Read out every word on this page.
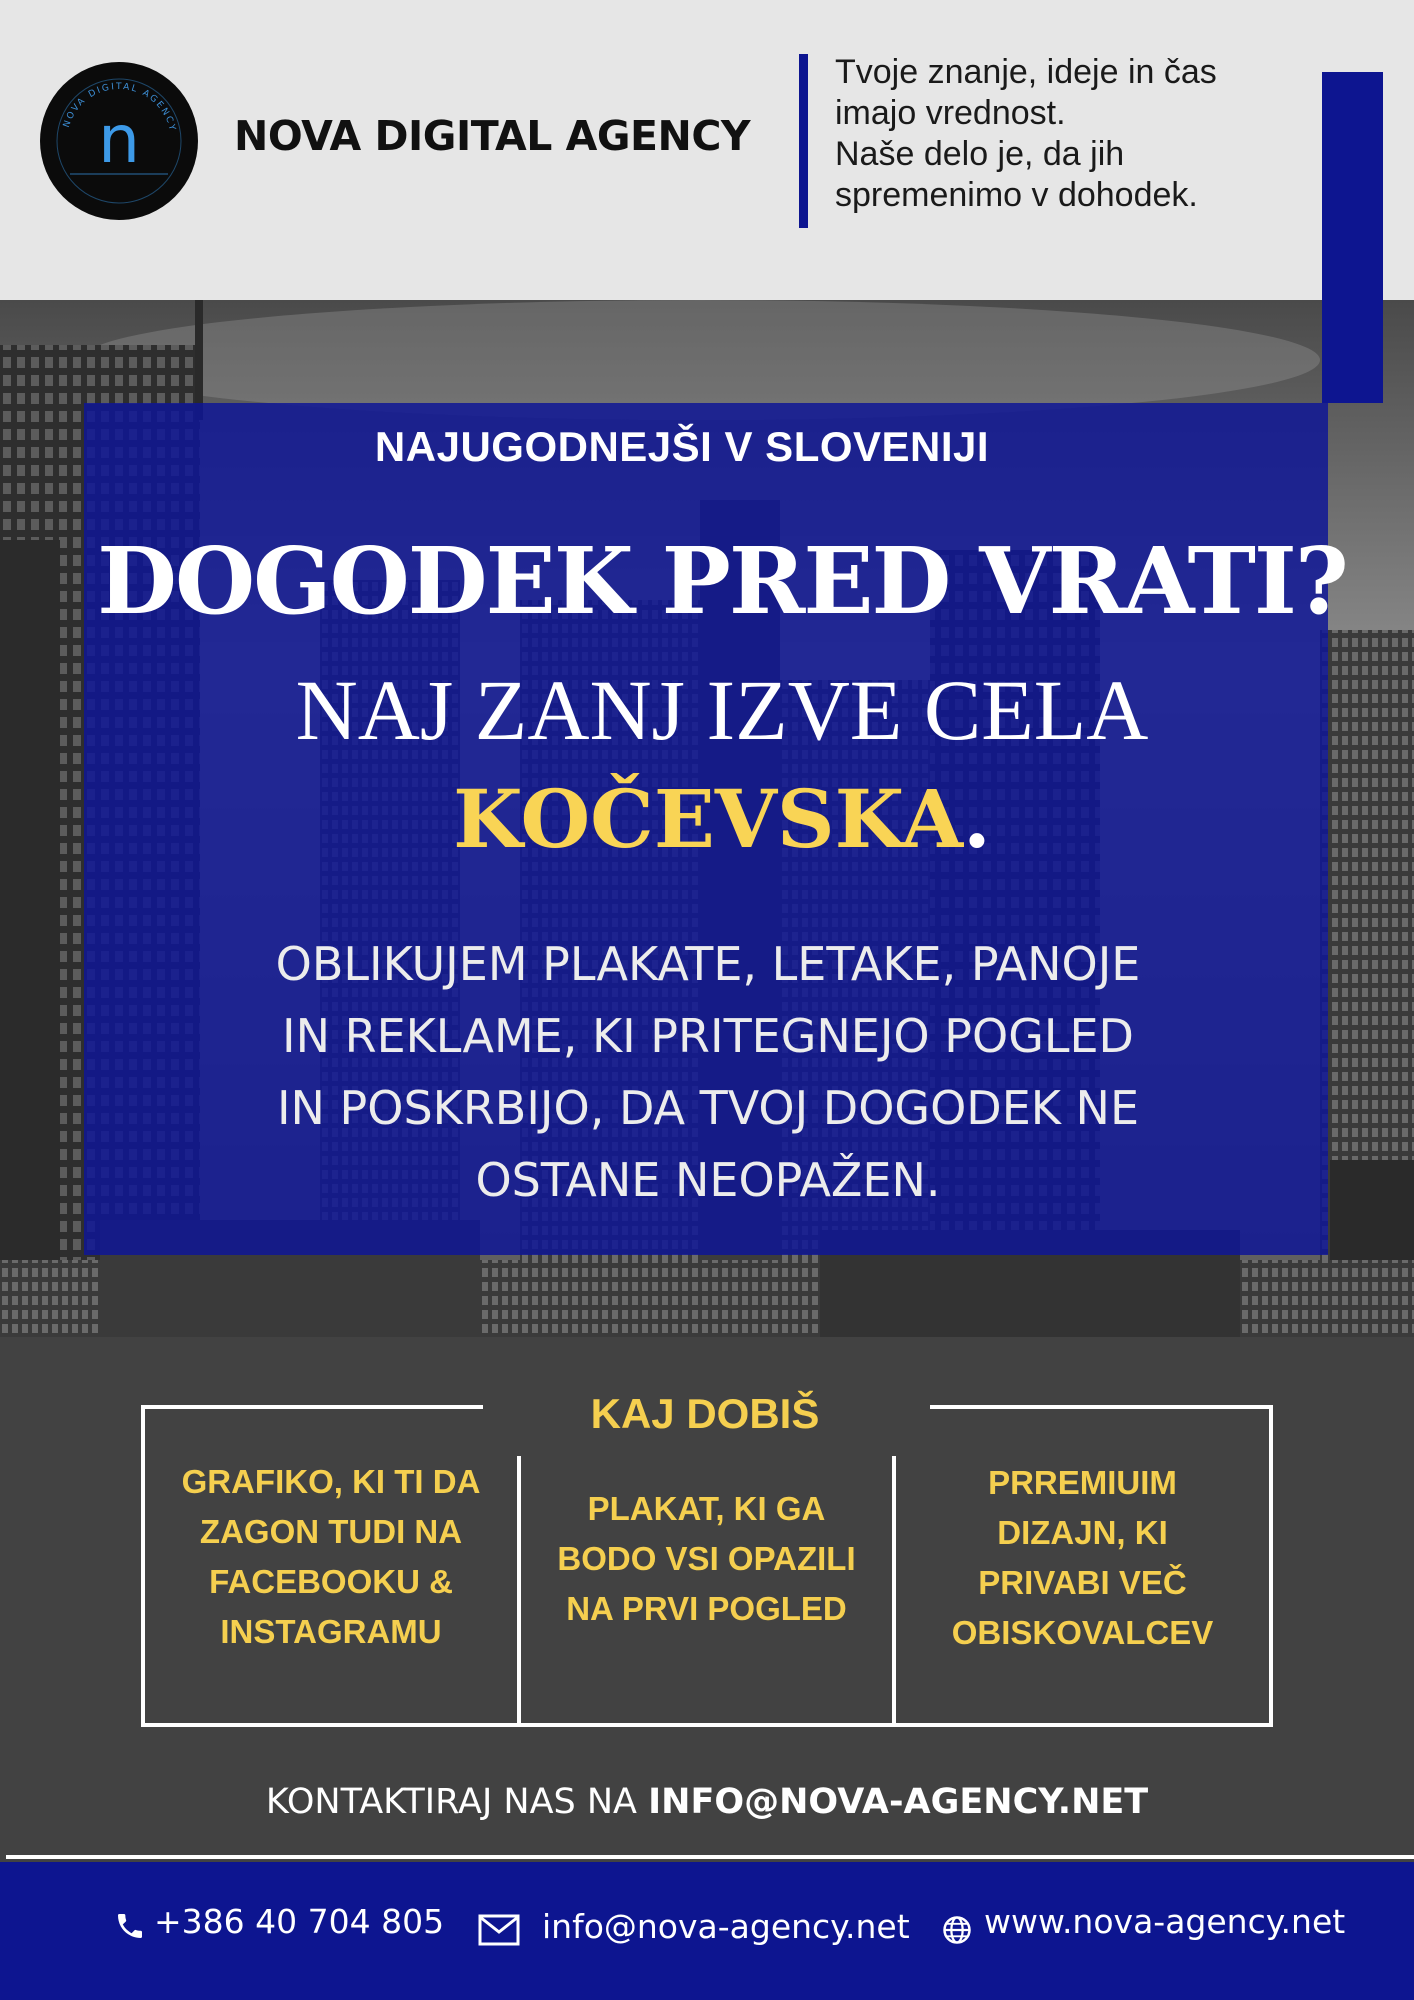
NOVA DIGITAL AGENCY
n NOVA DIGITAL AGENCY
Tvoje znanje, ideje in čas
imajo vrednost.
Naše delo je, da jih
spremenimo v dohodek.
NAJUGODNEJŠI V SLOVENIJI
DOGODEK PRED VRATI?
NAJ ZANJ IZVE CELA
KOČEVSKA.
OBLIKUJEM PLAKATE, LETAKE, PANOJE
IN REKLAME, KI PRITEGNEJO POGLED
IN POSKRBIJO, DA TVOJ DOGODEK NE
OSTANE NEOPAŽEN.
KAJ DOBIŠ
GRAFIKO, KI TI DA
ZAGON TUDI NA
FACEBOOKU &
INSTAGRAMU
PLAKAT, KI GA
BODO VSI OPAZILI
NA PRVI POGLED
PRREMIUIM
DIZAJN, KI
PRIVABI VEČ
OBISKOVALCEV
KONTAKTIRAJ NAS NA INFO@NOVA-AGENCY.NET
+386 40 704 805	info@nova-agency.net www.nova-agency.net
